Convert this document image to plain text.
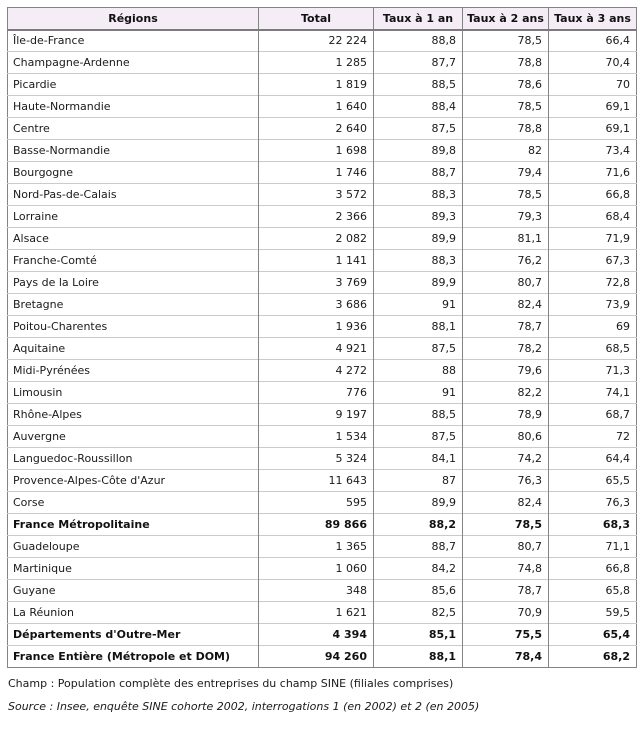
Régions	Total	Taux à 1 an	Taux à 2 ans	Taux à 3 ans
Île-de-France	22 224	88,8	78,5	66,4
Champagne-Ardenne	1 285	87,7	78,8	70,4
Picardie	1 819	88,5	78,6	70
Haute-Normandie	1 640	88,4	78,5	69,1
Centre	2 640	87,5	78,8	69,1
Basse-Normandie	1 698	89,8	82	73,4
Bourgogne	1 746	88,7	79,4	71,6
Nord-Pas-de-Calais	3 572	88,3	78,5	66,8
Lorraine	2 366	89,3	79,3	68,4
Alsace	2 082	89,9	81,1	71,9
Franche-Comté	1 141	88,3	76,2	67,3
Pays de la Loire	3 769	89,9	80,7	72,8
Bretagne	3 686	91	82,4	73,9
Poitou-Charentes	1 936	88,1	78,7	69
Aquitaine	4 921	87,5	78,2	68,5
Midi-Pyrénées	4 272	88	79,6	71,3
Limousin	776	91	82,2	74,1
Rhône-Alpes	9 197	88,5	78,9	68,7
Auvergne	1 534	87,5	80,6	72
Languedoc-Roussillon	5 324	84,1	74,2	64,4
Provence-Alpes-Côte d'Azur	11 643	87	76,3	65,5
Corse	595	89,9	82,4	76,3
France Métropolitaine	89 866	88,2	78,5	68,3
Guadeloupe	1 365	88,7	80,7	71,1
Martinique	1 060	84,2	74,8	66,8
Guyane	348	85,6	78,7	65,8
La Réunion	1 621	82,5	70,9	59,5
Départements d'Outre-Mer	4 394	85,1	75,5	65,4
France Entière (Métropole et DOM)	94 260	88,1	78,4	68,2

Champ : Population complète des entreprises du champ SINE (filiales comprises)

Source : Insee, enquête SINE cohorte 2002, interrogations 1 (en 2002) et 2 (en 2005)
